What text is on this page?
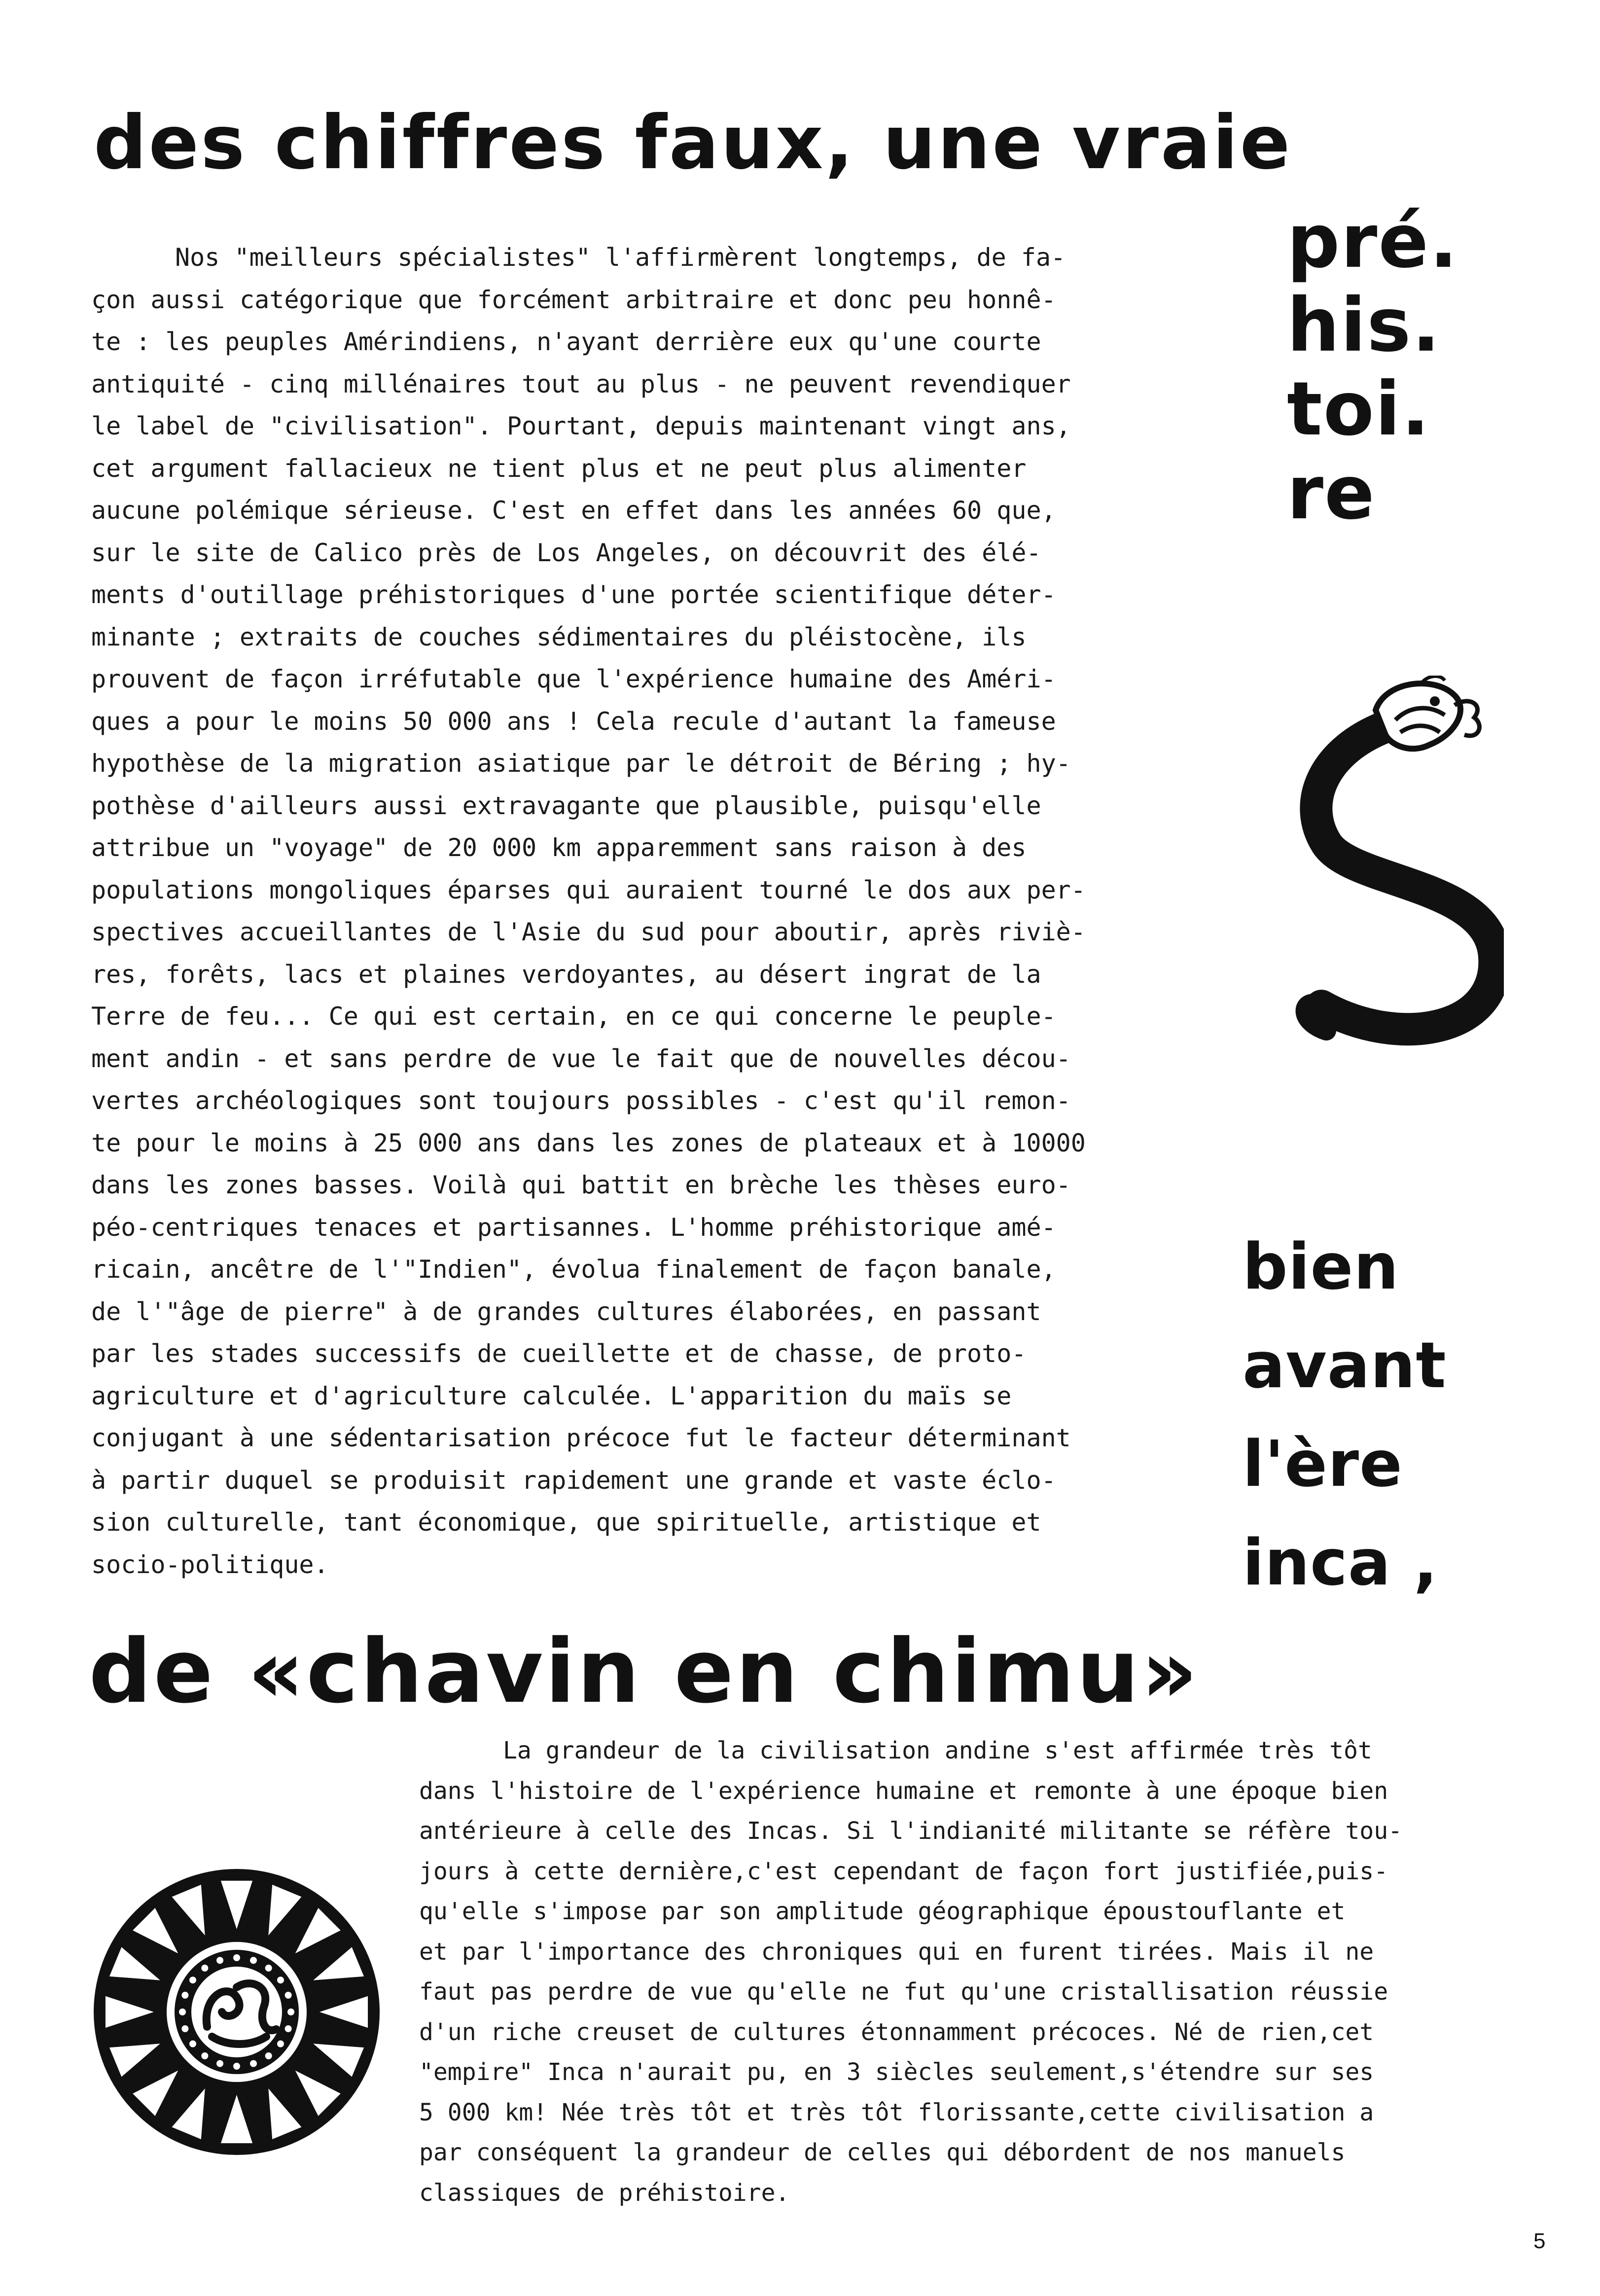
des chiffres faux, une vraie
Nos "meilleurs spécialistes" l'affirmèrent longtemps, de fa-
çon aussi catégorique que forcément arbitraire et donc peu honnê-
te : les peuples Amérindiens, n'ayant derrière eux qu'une courte
antiquité - cinq millénaires tout au plus - ne peuvent revendiquer
le label de "civilisation". Pourtant, depuis maintenant vingt ans,
cet argument fallacieux ne tient plus et ne peut plus alimenter
aucune polémique sérieuse. C'est en effet dans les années 60 que,
sur le site de Calico près de Los Angeles, on découvrit des élé-
ments d'outillage préhistoriques d'une portée scientifique déter-
minante ; extraits de couches sédimentaires du pléistocène, ils
prouvent de façon irréfutable que l'expérience humaine des Améri-
ques a pour le moins 50 000 ans ! Cela recule d'autant la fameuse
hypothèse de la migration asiatique par le détroit de Béring ; hy-
pothèse d'ailleurs aussi extravagante que plausible, puisqu'elle
attribue un "voyage" de 20 000 km apparemment sans raison à des
populations mongoliques éparses qui auraient tourné le dos aux per-
spectives accueillantes de l'Asie du sud pour aboutir, après riviè-
res, forêts, lacs et plaines verdoyantes, au désert ingrat de la
Terre de feu... Ce qui est certain, en ce qui concerne le peuple-
ment andin - et sans perdre de vue le fait que de nouvelles décou-
vertes archéologiques sont toujours possibles - c'est qu'il remon-
te pour le moins à 25 000 ans dans les zones de plateaux et à 10000
dans les zones basses. Voilà qui battit en brèche les thèses euro-
péo-centriques tenaces et partisannes. L'homme préhistorique amé-
ricain, ancêtre de l'"Indien", évolua finalement de façon banale,
de l'"âge de pierre" à de grandes cultures élaborées, en passant
par les stades successifs de cueillette et de chasse, de proto-
agriculture et d'agriculture calculée. L'apparition du maïs se
conjugant à une sédentarisation précoce fut le facteur déterminant
à partir duquel se produisit rapidement une grande et vaste éclo-
sion culturelle, tant économique, que spirituelle, artistique et
socio-politique.
pré.
his.
toi.
re
bien
avant
l'ère
inca ,
de «chavin en chimu»
La grandeur de la civilisation andine s'est affirmée très tôt
dans l'histoire de l'expérience humaine et remonte à une époque bien
antérieure à celle des Incas. Si l'indianité militante se réfère tou-
jours à cette dernière,c'est cependant de façon fort justifiée,puis-
qu'elle s'impose par son amplitude géographique époustouflante et
et par l'importance des chroniques qui en furent tirées. Mais il ne
faut pas perdre de vue qu'elle ne fut qu'une cristallisation réussie
d'un riche creuset de cultures étonnamment précoces. Né de rien,cet
"empire" Inca n'aurait pu, en 3 siècles seulement,s'étendre sur ses
5 000 km! Née très tôt et très tôt florissante,cette civilisation a
par conséquent la grandeur de celles qui débordent de nos manuels
classiques de préhistoire.

5
